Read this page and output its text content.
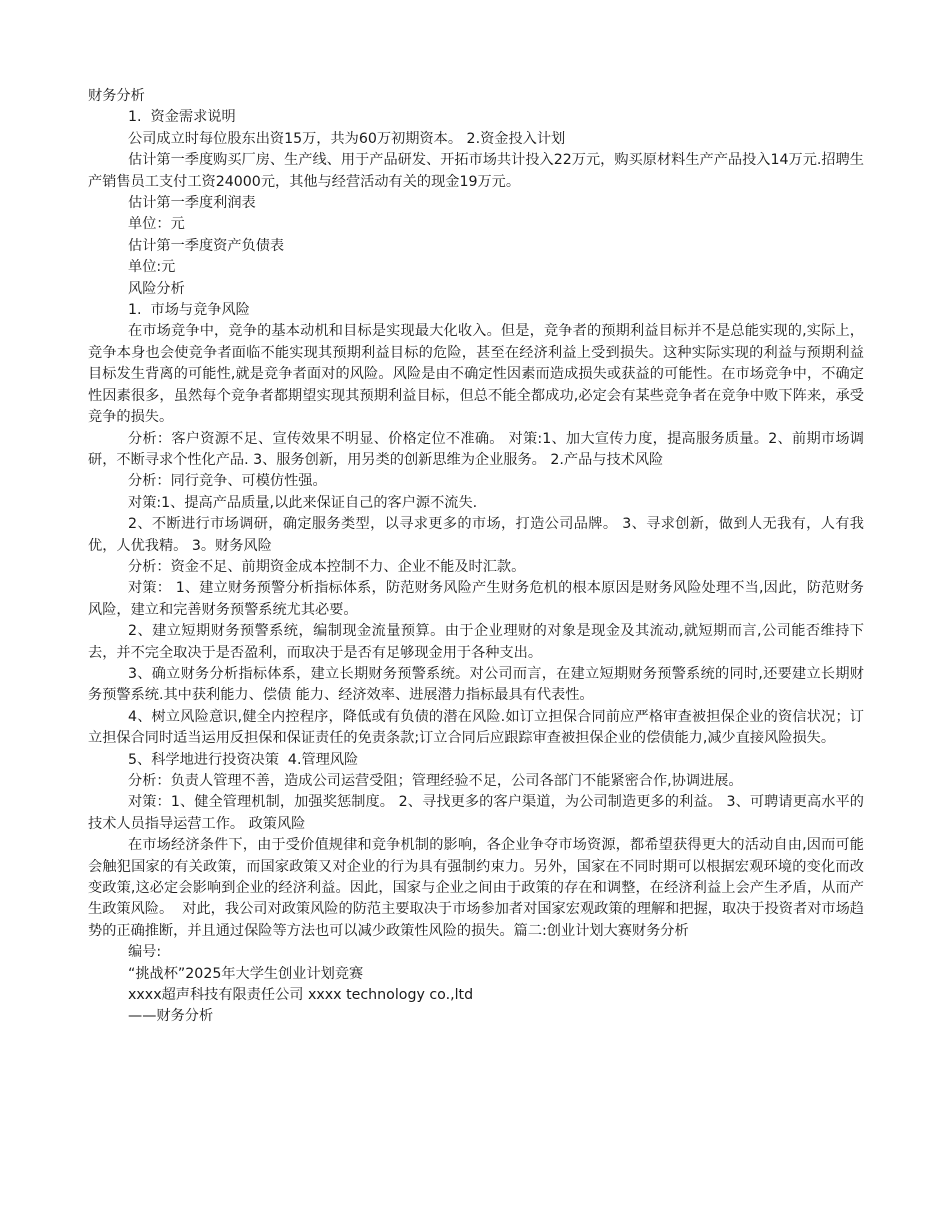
财务分析

1.  资金需求说明

公司成立时每位股东出资15万，共为60万初期资本。 2.资金投入计划

估计第一季度购买厂房、生产线、用于产品研发、开拓市场共计投入22万元，购买原材料生产产品投入14万元.招聘生产销售员工支付工资24000元，其他与经营活动有关的现金19万元。

估计第一季度利润表

单位：元

估计第一季度资产负债表

单位:元

风险分析

1.  市场与竞争风险

在市场竞争中，竞争的基本动机和目标是实现最大化收入。但是，竞争者的预期利益目标并不是总能实现的,实际上，竞争本身也会使竞争者面临不能实现其预期利益目标的危险，甚至在经济利益上受到损失。这种实际实现的利益与预期利益目标发生背离的可能性,就是竞争者面对的风险。风险是由不确定性因素而造成损失或获益的可能性。在市场竞争中，不确定性因素很多，虽然每个竞争者都期望实现其预期利益目标，但总不能全都成功,必定会有某些竞争者在竞争中败下阵来，承受竞争的损失。

分析：客户资源不足、宣传效果不明显、价格定位不准确。 对策:1、加大宣传力度，提高服务质量。2、前期市场调研，不断寻求个性化产品. 3、服务创新，用另类的创新思维为企业服务。 2.产品与技术风险

分析：同行竞争、可模仿性强。

对策:1、提高产品质量,以此来保证自己的客户源不流失.

2、不断进行市场调研，确定服务类型，以寻求更多的市场，打造公司品牌。 3、寻求创新，做到人无我有，人有我优，人优我精。 3。财务风险

分析：资金不足、前期资金成本控制不力、企业不能及时汇款。

对策： 1、建立财务预警分析指标体系，防范财务风险产生财务危机的根本原因是财务风险处理不当,因此，防范财务风险，建立和完善财务预警系统尤其必要。

2、建立短期财务预警系统，编制现金流量预算。由于企业理财的对象是现金及其流动,就短期而言,公司能否维持下去，并不完全取决于是否盈利，而取决于是否有足够现金用于各种支出。

3、确立财务分析指标体系，建立长期财务预警系统。对公司而言，在建立短期财务预警系统的同时,还要建立长期财务预警系统.其中获利能力、偿债 能力、经济效率、进展潜力指标最具有代表性。

4、树立风险意识,健全内控程序，降低或有负债的潜在风险.如订立担保合同前应严格审查被担保企业的资信状况；订立担保合同时适当运用反担保和保证责任的免责条款;订立合同后应跟踪审查被担保企业的偿债能力,减少直接风险损失。

5、科学地进行投资决策  4.管理风险

分析：负责人管理不善，造成公司运营受阻；管理经验不足，公司各部门不能紧密合作,协调进展。

对策：1、健全管理机制，加强奖惩制度。 2、寻找更多的客户渠道，为公司制造更多的利益。 3、可聘请更高水平的技术人员指导运营工作。 政策风险

在市场经济条件下，由于受价值规律和竞争机制的影响，各企业争夺市场资源，都希望获得更大的活动自由,因而可能会触犯国家的有关政策，而国家政策又对企业的行为具有强制约束力。另外，国家在不同时期可以根据宏观环境的变化而改变政策,这必定会影响到企业的经济利益。因此，国家与企业之间由于政策的存在和调整，在经济利益上会产生矛盾，从而产生政策风险。  对此，我公司对政策风险的防范主要取决于市场参加者对国家宏观政策的理解和把握，取决于投资者对市场趋势的正确推断，并且通过保险等方法也可以减少政策性风险的损失。篇二:创业计划大赛财务分析

编号:

“挑战杯”2025年大学生创业计划竞赛

xxxx超声科技有限责任公司 xxxx technology co.,ltd

——财务分析
